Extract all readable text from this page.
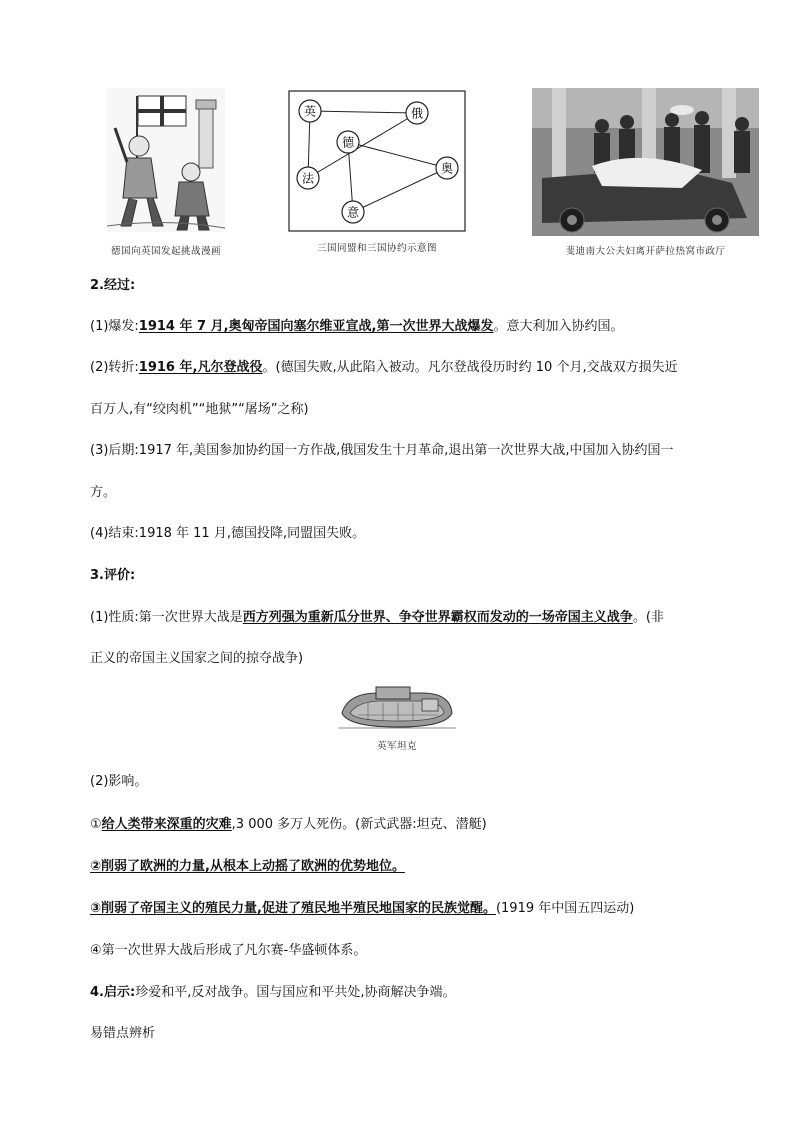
德国向英国发起挑战漫画
英	俄
德
法
奥
意
三国同盟和三国协约示意图	斐迪南大公夫妇离开萨拉热窝市政厅
2.经过:
(1)爆发:1914 年 7 月,奥匈帝国向塞尔维亚宣战,第一次世界大战爆发。意大利加入协约国。
(2)转折:1916 年,凡尔登战役。(德国失败,从此陷入被动。凡尔登战役历时约 10 个月,交战双方损失近
百万人,有“绞肉机”“地狱”“屠场”之称)
(3)后期:1917 年,美国参加协约国一方作战,俄国发生十月革命,退出第一次世界大战,中国加入协约国一
方。
(4)结束:1918 年 11 月,德国投降,同盟国失败。
3.评价:
(1)性质:第一次世界大战是西方列强为重新瓜分世界、争夺世界霸权而发动的一场帝国主义战争。(非
正义的帝国主义国家之间的掠夺战争)
英军坦克
(2)影响。
①给人类带来深重的灾难,3 000 多万人死伤。(新式武器:坦克、潜艇)
②削弱了欧洲的力量,从根本上动摇了欧洲的优势地位。
③削弱了帝国主义的殖民力量,促进了殖民地半殖民地国家的民族觉醒。(1919 年中国五四运动)
④第一次世界大战后形成了凡尔赛-华盛顿体系。
4.启示:珍爱和平,反对战争。国与国应和平共处,协商解决争端。
易错点辨析
